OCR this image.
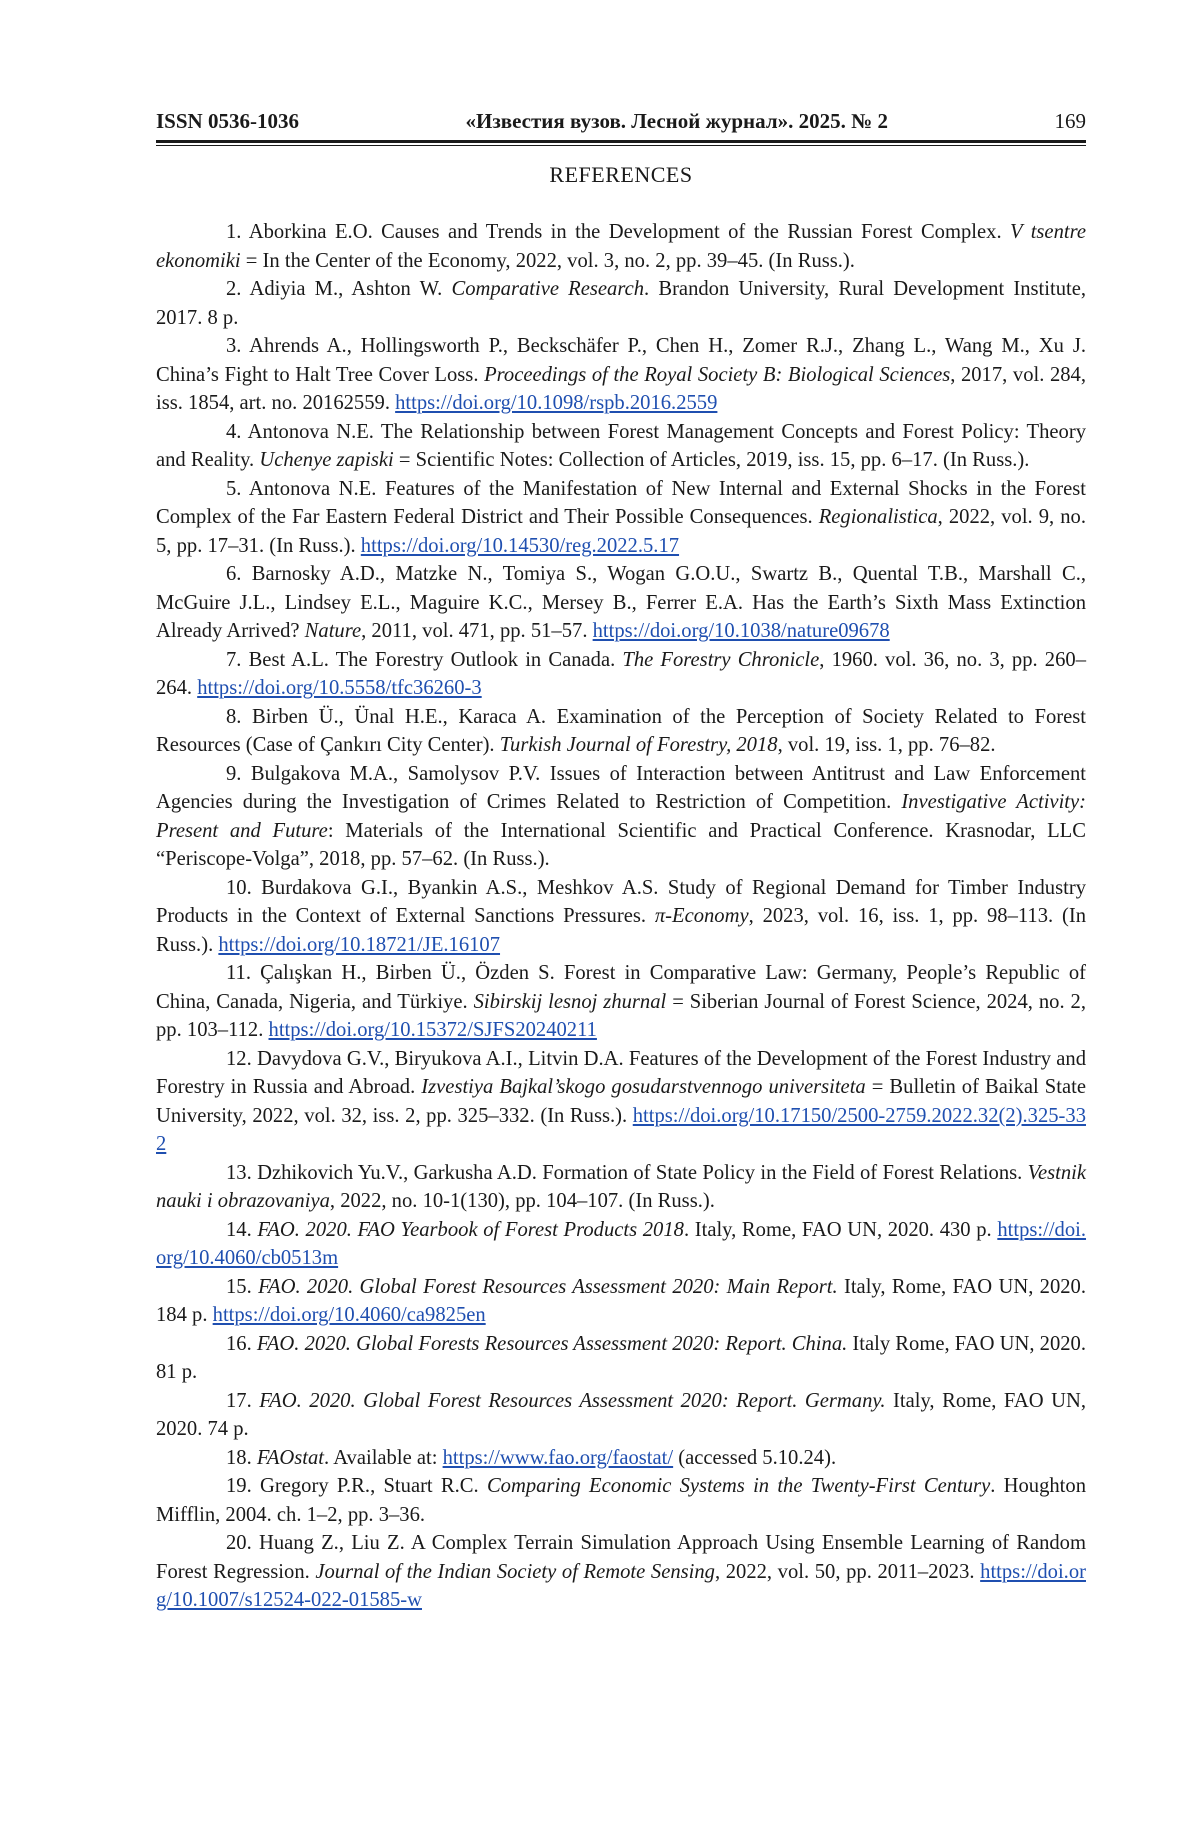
ISSN 0536-1036	«Известия вузов. Лесной журнал». 2025. № 2	169
REFERENCES

1. Aborkina E.O. Causes and Trends in the Development of the Russian Forest Complex. V tsentre ekonomiki = In the Center of the Economy, 2022, vol. 3, no. 2, pp. 39–45. (In Russ.).

2. Adiyia M., Ashton W. Comparative Research. Brandon University, Rural Development Institute, 2017. 8 p.

3. Ahrends A., Hollingsworth P., Beckschäfer P., Chen H., Zomer R.J., Zhang L., Wang M., Xu J. China’s Fight to Halt Tree Cover Loss. Proceedings of the Royal Society B: Biological Sciences, 2017, vol. 284, iss. 1854, art. no. 20162559. https://doi.org/10.1098/rspb.2016.2559

4. Antonova N.E. The Relationship between Forest Management Concepts and Forest Policy: Theory and Reality. Uchenye zapiski = Scientific Notes: Collection of Articles, 2019, iss. 15, pp. 6–17. (In Russ.).

5. Antonova N.E. Features of the Manifestation of New Internal and External Shocks in the Forest Complex of the Far Eastern Federal District and Their Possible Consequences. Regionalistica, 2022, vol. 9, no. 5, pp. 17–31. (In Russ.). https://doi.org/10.14530/reg.2022.5.17

6. Barnosky A.D., Matzke N., Tomiya S., Wogan G.O.U., Swartz B., Quental T.B., Marshall C., McGuire J.L., Lindsey E.L., Maguire K.C., Mersey B., Ferrer E.A. Has the Earth’s Sixth Mass Extinction Already Arrived? Nature, 2011, vol. 471, pp. 51–57. https://doi.org/10.1038/nature09678

7. Best A.L. The Forestry Outlook in Canada. The Forestry Chronicle, 1960. vol. 36, no. 3, pp. 260–264. https://doi.org/10.5558/tfc36260-3

8. Birben Ü., Ünal H.E., Karaca A. Examination of the Perception of Society Related to Forest Resources (Case of Çankırı City Center). Turkish Journal of Forestry, 2018, vol. 19, iss. 1, pp. 76–82.

9. Bulgakova M.A., Samolysov P.V. Issues of Interaction between Antitrust and Law Enforcement Agencies during the Investigation of Crimes Related to Restriction of Competition. Investigative Activity: Present and Future: Materials of the International Scientific and Practical Conference. Krasnodar, LLC “Periscope-Volga”, 2018, pp. 57–62. (In Russ.).

10. Burdakova G.I., Byankin A.S., Meshkov A.S. Study of Regional Demand for Timber Industry Products in the Context of External Sanctions Pressures. π-Economy, 2023, vol. 16, iss. 1, pp. 98–113. (In Russ.). https://doi.org/10.18721/JE.16107

11. Çalışkan H., Birben Ü., Özden S. Forest in Comparative Law: Germany, People’s Republic of China, Canada, Nigeria, and Türkiye. Sibirskij lesnoj zhurnal = Siberian Journal of Forest Science, 2024, no. 2, pp. 103–112. https://doi.org/10.15372/SJFS20240211

12. Davydova G.V., Biryukova A.I., Litvin D.A. Features of the Development of the Forest Industry and Forestry in Russia and Abroad. Izvestiya Bajkal’skogo gosudarstvennogo universiteta = Bulletin of Baikal State University, 2022, vol. 32, iss. 2, pp. 325–332. (In Russ.). https://doi.org/10.17150/2500-2759.2022.32(2).325-332

13. Dzhikovich Yu.V., Garkusha A.D. Formation of State Policy in the Field of Forest Relations. Vestnik nauki i obrazovaniya, 2022, no. 10-1(130), pp. 104–107. (In Russ.).

14. FAO. 2020. FAO Yearbook of Forest Products 2018. Italy, Rome, FAO UN, 2020. 430 p. https://doi.org/10.4060/cb0513m

15. FAO. 2020. Global Forest Resources Assessment 2020: Main Report. Italy, Rome, FAO UN, 2020. 184 p. https://doi.org/10.4060/ca9825en

16. FAO. 2020. Global Forests Resources Assessment 2020: Report. China. Italy Rome, FAO UN, 2020. 81 p.

17. FAO. 2020. Global Forest Resources Assessment 2020: Report. Germany. Italy, Rome, FAO UN, 2020. 74 p.

18. FAOstat. Available at: https://www.fao.org/faostat/ (accessed 5.10.24).

19. Gregory P.R., Stuart R.C. Comparing Economic Systems in the Twenty-First Century. Houghton Mifflin, 2004. ch. 1–2, pp. 3–36.

20. Huang Z., Liu Z. A Complex Terrain Simulation Approach Using Ensemble Learning of Random Forest Regression. Journal of the Indian Society of Remote Sensing, 2022, vol. 50, pp. 2011–2023. https://doi.org/10.1007/s12524-022-01585-w
